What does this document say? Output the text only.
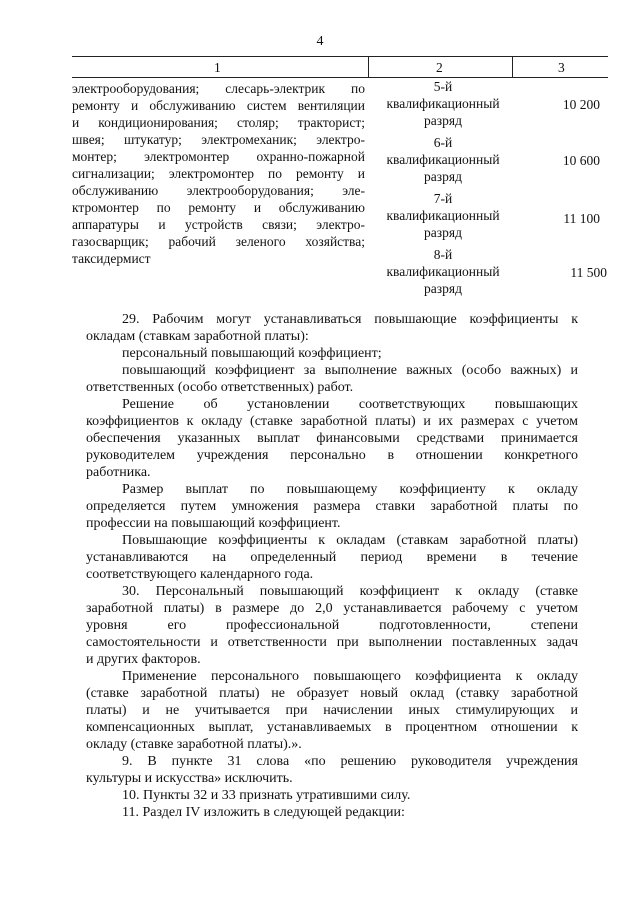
4
1	2	3
электрооборудования; слесарь-электрик по
ремонту и обслуживанию систем вентиляции
и кондиционирования; столяр; тракторист;
швея; штукатур; электромеханик; электро-
монтер; электромонтер охранно-пожарной
сигнализации; электромонтер по ремонту и
обслуживанию электрооборудования; эле-
ктромонтер по ремонту и обслуживанию
аппаратуры и устройств связи; электро-
газосварщик; рабочий зеленого хозяйства;
таксидермист
5-й
квалификационный
разряд
10 200
6-й
квалификационный
разряд
10 600
7-й
квалификационный
разряд
11 100
8-й
квалификационный
разряд
11 500
29. Рабочим могут устанавливаться повышающие коэффициенты к
окладам (ставкам заработной платы):
персональный повышающий коэффициент;
повышающий коэффициент за выполнение важных (особо важных) и
ответственных (особо ответственных) работ.
Решение об установлении соответствующих повышающих
коэффициентов к окладу (ставке заработной платы) и их размерах с учетом
обеспечения указанных выплат финансовыми средствами принимается
руководителем учреждения персонально в отношении конкретного
работника.
Размер выплат по повышающему коэффициенту к окладу
определяется путем умножения размера ставки заработной платы по
профессии на повышающий коэффициент.
Повышающие коэффициенты к окладам (ставкам заработной платы)
устанавливаются на определенный период времени в течение
соответствующего календарного года.
30. Персональный повышающий коэффициент к окладу (ставке
заработной платы) в размере до 2,0 устанавливается рабочему с учетом
уровня его профессиональной подготовленности, степени
самостоятельности и ответственности при выполнении поставленных задач
и других факторов.
Применение персонального повышающего коэффициента к окладу
(ставке заработной платы) не образует новый оклад (ставку заработной
платы) и не учитывается при начислении иных стимулирующих и
компенсационных выплат, устанавливаемых в процентном отношении к
окладу (ставке заработной платы).».
9. В пункте 31 слова «по решению руководителя учреждения
культуры и искусства» исключить.
10. Пункты 32 и 33 признать утратившими силу.
11. Раздел IV изложить в следующей редакции:
